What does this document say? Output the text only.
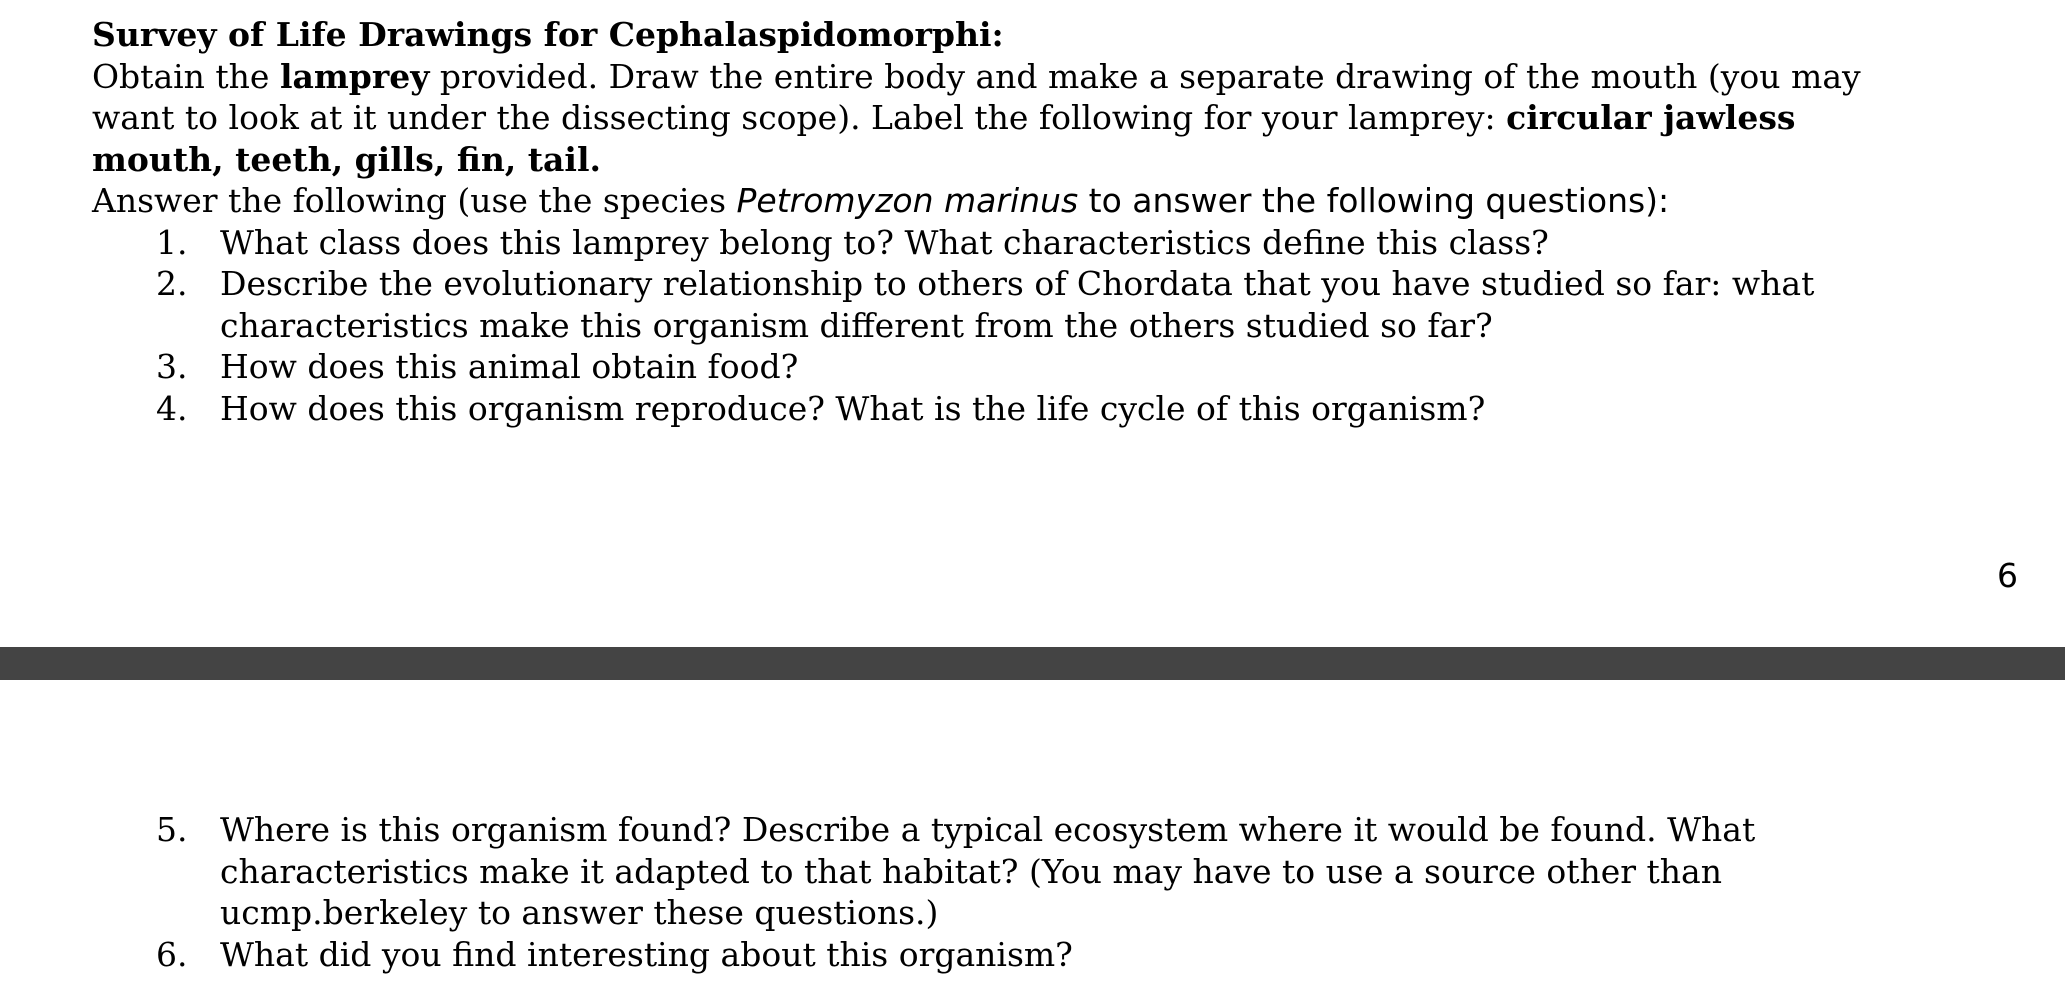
Survey of Life Drawings for Cephalaspidomorphi:
Obtain the lamprey provided. Draw the entire body and make a separate drawing of the mouth (you may
want to look at it under the dissecting scope). Label the following for your lamprey: circular jawless
mouth, teeth, gills, fin, tail.
Answer the following (use the species Petromyzon marinus to answer the following questions):
1. What class does this lamprey belong to? What characteristics define this class?
2. Describe the evolutionary relationship to others of Chordata that you have studied so far: what
characteristics make this organism different from the others studied so far?
3. How does this animal obtain food?
4. How does this organism reproduce? What is the life cycle of this organism?
6
5. Where is this organism found? Describe a typical ecosystem where it would be found. What
characteristics make it adapted to that habitat? (You may have to use a source other than
ucmp.berkeley to answer these questions.)
6. What did you find interesting about this organism?
